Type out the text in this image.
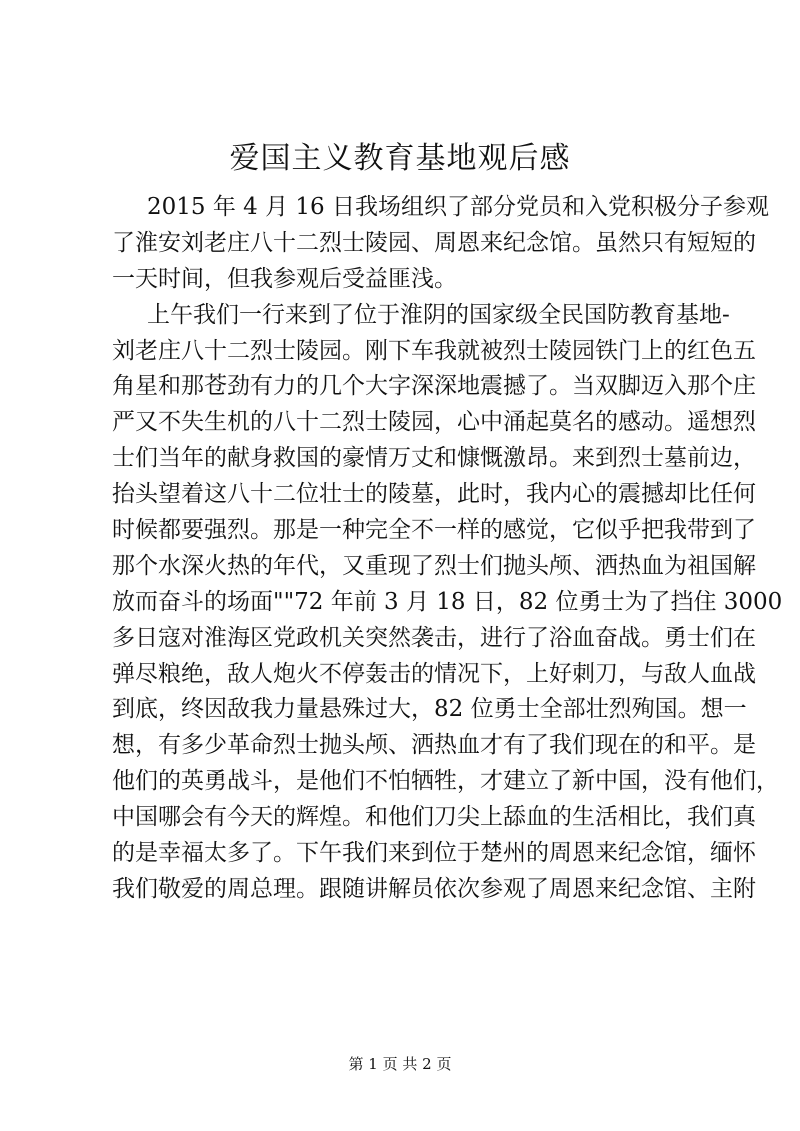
爱国主义教育基地观后感
2015 年 4 月 16 日我场组织了部分党员和入党积极分子参观
了淮安刘老庄八十二烈士陵园、周恩来纪念馆。虽然只有短短的
一天时间，但我参观后受益匪浅。
上午我们一行来到了位于淮阴的国家级全民国防教育基地-
刘老庄八十二烈士陵园。刚下车我就被烈士陵园铁门上的红色五
角星和那苍劲有力的几个大字深深地震撼了。当双脚迈入那个庄
严又不失生机的八十二烈士陵园，心中涌起莫名的感动。遥想烈
士们当年的献身救国的豪情万丈和慷慨激昂。来到烈士墓前边，
抬头望着这八十二位壮士的陵墓，此时，我内心的震撼却比任何
时候都要强烈。那是一种完全不一样的感觉，它似乎把我带到了
那个水深火热的年代，又重现了烈士们抛头颅、洒热血为祖国解
放而奋斗的场面""72 年前 3 月 18 日，82 位勇士为了挡住 3000
多日寇对淮海区党政机关突然袭击，进行了浴血奋战。勇士们在
弹尽粮绝，敌人炮火不停轰击的情况下，上好刺刀，与敌人血战
到底，终因敌我力量悬殊过大，82 位勇士全部壮烈殉国。想一
想，有多少革命烈士抛头颅、洒热血才有了我们现在的和平。是
他们的英勇战斗，是他们不怕牺牲，才建立了新中国，没有他们，
中国哪会有今天的辉煌。和他们刀尖上舔血的生活相比，我们真
的是幸福太多了。下午我们来到位于楚州的周恩来纪念馆，缅怀
我们敬爱的周总理。跟随讲解员依次参观了周恩来纪念馆、主附
第 1 页 共 2 页
